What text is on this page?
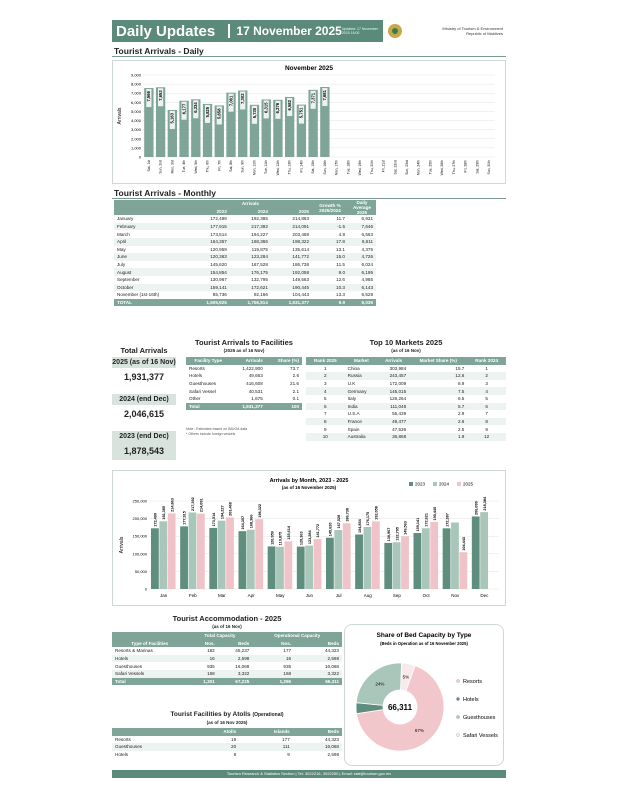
Daily Updates	17 November 2025 Updated: 17 November 2025 16:00
Ministry of Tourism & Environment
Republic of Maldives
Tourist Arrivals - Daily
November 2025
0
1,000
2,000
3,000
4,000
5,000
6,000
7,000
8,000
9,000
Arrivals
Sat, 1st Sun, 2nd Mon, 3rd Tue, 4th Wed, 5th Thu, 6th Fri, 7th Sat, 8th Sun, 9th Mon, 10th Tue, 11th Wed, 12th Thu, 13th Fri, 14th Sat, 15th Sun, 16th Mon, 17th Tue, 18th Wed, 19th Thu, 20th Fri, 21st Sat, 22nd Sun, 23rd Mon, 24th Tue, 25th Wed, 26th Thu, 27th Fri, 28th Sat, 29th Sun, 30th
7,566 7,653
5,163
6,177 6,334 5,825 5,658
7,061 7,302
5,730
6,315 6,276 6,582
5,751
7,371 7,681
Tourist Arrivals - Monthly
	Arrivals			Growth % 2025/2024	Daily Average 2025
	2023	2024	2025		
January	172,499	192,385	214,863	11.7	6,931
February	177,915	217,392	214,091	-1.5	7,646
March	173,514	194,227	203,468	4.8	6,563
April	164,357	168,366	198,322	17.8	6,611
May	120,959	119,875	135,614	13.1	4,375
June	120,363	123,284	141,772	15.0	4,726
July	145,620	167,528	186,738	11.5	6,024
August	154,854	176,175	192,058	9.0	6,195
September	130,967	132,795	149,563	12.6	4,985
October	159,141	172,621	190,445	10.3	6,143
November (1st-16th)	85,736	92,166	104,443	13.3	6,528
TOTAL	1,605,925	1,756,814	1,931,377	9.9	6,036
Total Arrivals
2025 (as of 16 Nov)
1,931,377
2024 (end Dec)
2,046,615
2023 (end Dec)
1,878,543
Tourist Arrivals to Facilities
(2025 as of 16 Nov)
Facility Type	Arrivals	Share (%)
Resorts	1,422,900	73.7
Hotels	49,663	2.6
Guesthouses	416,608	21.6
Safari Vessel	40,531	2.1
Other	1,675	0.1
Total	1,931,377	100
Note : Estimates based on IMUGA data
* Others include foreign vessels
Top 10 Markets 2025
(as of 16 Nov)
Rank 2025	Market	Arrivals	Market Share (%)	Rank 2024
1	China	303,984	15.7	1
2	Russia	243,457	12.6	2
3	U.K	172,009	8.9	3
4	Germany	145,015	7.5	4
5	Italy	126,264	6.5	5
6	India	111,048	5.7	6
7	U.S.A	55,439	2.9	7
8	France	49,477	2.6	8
9	Spain	47,536	2.5	9
10	Australia	36,868	1.9	12
Arrivals by Month, 2023 - 2025
(as of 16 November 2025)
2023	2024	2025
0
50,000
100,000
150,000
200,000
250,000
Arrivals
Jan	Feb	Mar	Apr	May	Jun	Jul	Aug	Sep	Oct	Nov	Dec
172,499	177,915	173,514	164,357
120,959	120,363
145,620	154,854
130,967
159,141	172,387
206,099
192,385
217,392
194,227
168,366
119,875	123,284
167,528	176,175
132,795
172,621
218,384
214,863	214,091	203,468	198,322
135,614	141,772
186,738	192,058
149,563
190,445
104,443
Tourist Accommodation - 2025
(as of 16 Nov)
	Total Capacity		Operational Capacity	
Type of Facilities	Nos.	Beds	Nos.	Beds
Resorts & Marinas	182	45,237	177	44,323
Hotels	16	2,598	16	2,598
Guesthouses	935	16,068	935	16,068
Safari Vessels	168	3,322	168	3,322
Total	1,301	67,225	1,296	66,311
Tourist Facilities by Atolls (Operational)
(as of 16 Nov 2025)
	Atolls	Islands	Beds
Resorts	19	177	44,323
Guesthouses	20	111	16,068
Hotels	8	9	2,598
Share of Bed Capacity by Type
(Beds in Operation as of 16 November 2025)
67%
Resorts
Hotels
24%
Guesthouses
5%
Safari Vessels
66,311
Tourism Research & Statistics Section | Tel: 3022216, 3022250 | Email: stat@tourism.gov.mv
